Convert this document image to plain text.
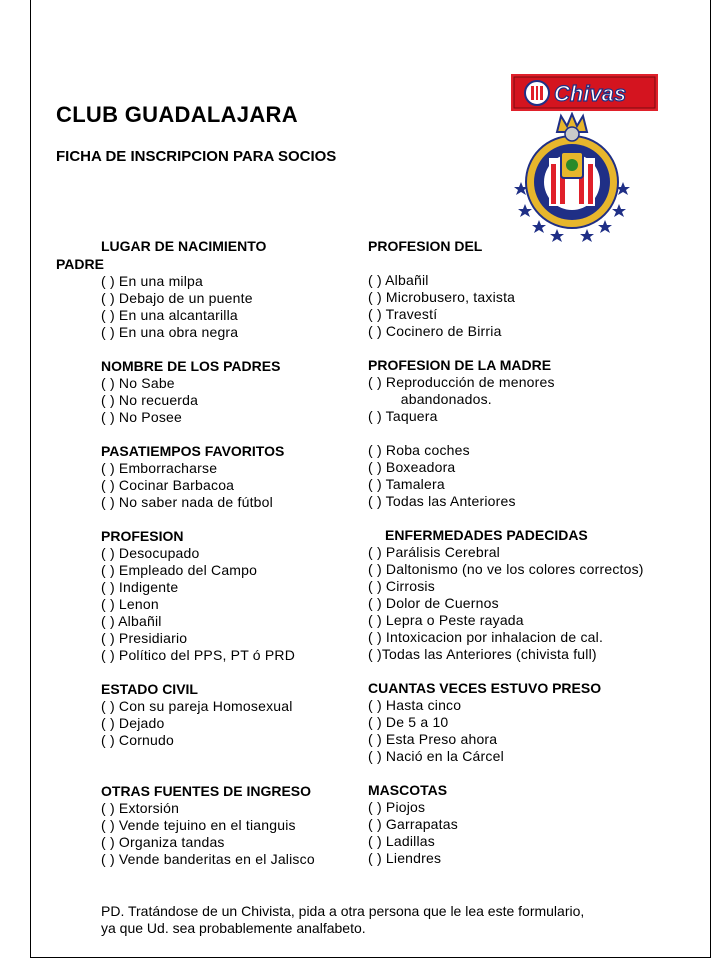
Chivas
CLUB GUADALAJARA
FICHA DE INSCRIPCION PARA SOCIOS
LUGAR DE NACIMIENTO
PADRE
( ) En una milpa
( ) Debajo de un puente
( ) En una alcantarilla
( ) En una obra negra
NOMBRE DE LOS PADRES
( ) No Sabe
( ) No recuerda
( ) No Posee
PASATIEMPOS FAVORITOS
( ) Emborracharse
( ) Cocinar Barbacoa
( ) No saber nada de fútbol
PROFESION
( ) Desocupado
( ) Empleado del Campo
( ) Indigente
( ) Lenon
( ) Albañil
( ) Presidiario
( ) Político del PPS, PT ó PRD
ESTADO CIVIL
( ) Con su pareja Homosexual
( ) Dejado
( ) Cornudo
OTRAS FUENTES DE INGRESO
( ) Extorsión
( ) Vende tejuino en el tianguis
( ) Organiza tandas
( ) Vende banderitas en el Jalisco
PROFESION DEL
( ) Albañil
( ) Microbusero, taxista
( ) Travestí
( ) Cocinero de Birria
PROFESION DE LA MADRE
( ) Reproducción de menores
abandonados.
( ) Taquera
( ) Roba coches
( ) Boxeadora
( ) Tamalera
( ) Todas las Anteriores
ENFERMEDADES PADECIDAS
( ) Parálisis Cerebral
( ) Daltonismo (no ve los colores correctos)
( ) Cirrosis
( ) Dolor de Cuernos
( ) Lepra o Peste rayada
( ) Intoxicacion por inhalacion de cal.
( )Todas las Anteriores (chivista full)
CUANTAS VECES ESTUVO PRESO
( ) Hasta cinco
( ) De 5 a 10
( ) Esta Preso ahora
( ) Nació en la Cárcel
MASCOTAS
( ) Piojos
( ) Garrapatas
( ) Ladillas
( ) Liendres
PD. Tratándose de un Chivista, pida a otra persona que le lea este formulario,
ya que Ud. sea probablemente analfabeto.
